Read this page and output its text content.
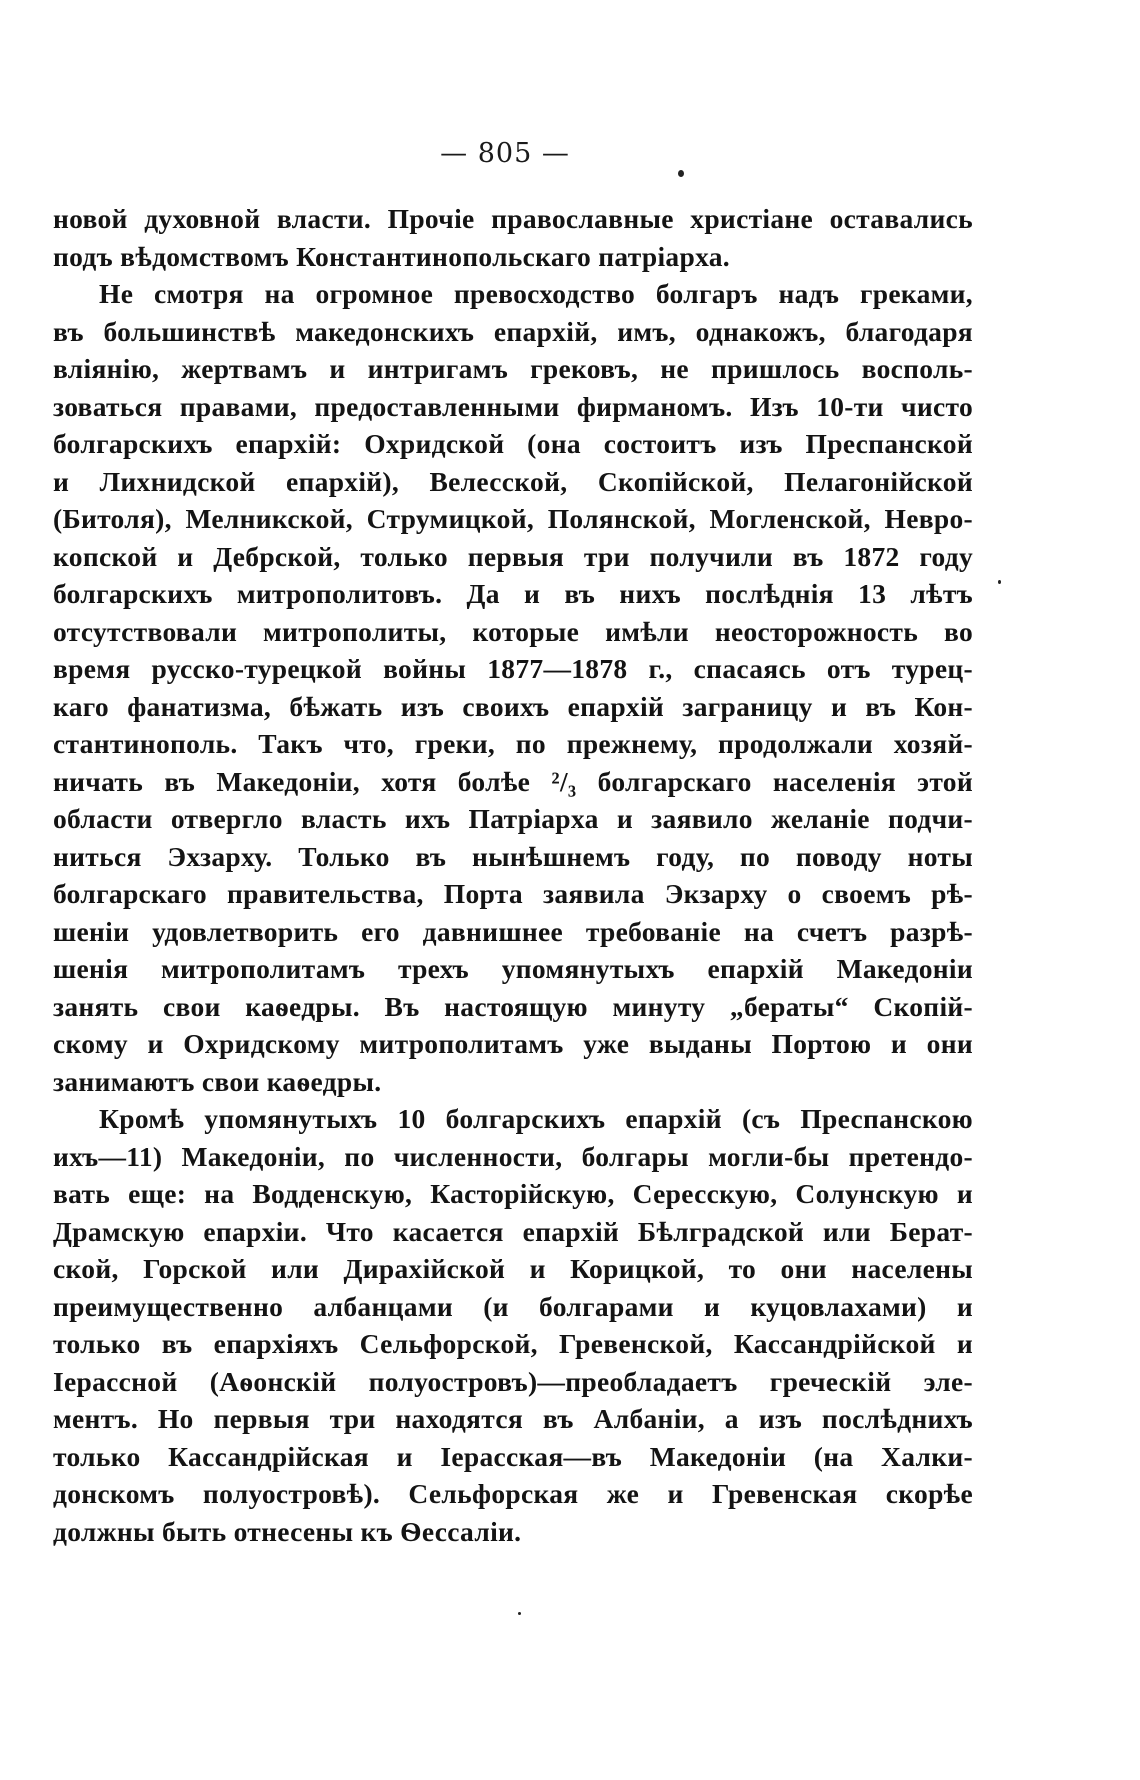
— 805 —

новой духовной власти. Прочіе православные христіане оставались
подъ вѣдомствомъ Константинопольскаго патріарха.

Не смотря на огромное превосходство болгаръ надъ греками,
въ большинствѣ македонскихъ епархій, имъ, однакожъ, благодаря
вліянію, жертвамъ и интригамъ грековъ, не пришлось восполь-
зоваться правами, предоставленными фирманомъ. Изъ 10-ти чисто
болгарскихъ епархій: Охридской (она состоитъ изъ Преспанской
и Лихнидской епархій), Велесской, Скопійской, Пелагонійской
(Битоля), Мелникской, Струмицкой, Полянской, Могленской, Невро-
копской и Дебрской, только первыя три получили въ 1872 году
болгарскихъ митрополитовъ. Да и въ нихъ послѣднія 13 лѣтъ
отсутствовали митрополиты, которые имѣли неосторожность во
время русско-турецкой войны 1877—1878 г., спасаясь отъ турец-
каго фанатизма, бѣжать изъ своихъ епархій заграницу и въ Кон-
стантинополь. Такъ что, греки, по прежнему, продолжали хозяй-
ничать въ Македоніи, хотя болѣе ²/₃ болгарскаго населенія этой
области отвергло власть ихъ Патріарха и заявило желаніе подчи-
ниться Эхзарху. Только въ нынѣшнемъ году, по поводу ноты
болгарскаго правительства, Порта заявила Экзарху о своемъ рѣ-
шеніи удовлетворить его давнишнее требованіе на счетъ разрѣ-
шенія митрополитамъ трехъ упомянутыхъ епархій Македоніи
занять свои каѳедры. Въ настоящую минуту „бераты“ Скопій-
скому и Охридскому митрополитамъ уже выданы Портою и они
занимаютъ свои каѳедры.

Кромѣ упомянутыхъ 10 болгарскихъ епархій (съ Преспанскою
ихъ—11) Македоніи, по численности, болгары могли-бы претендо-
вать еще: на Водденскую, Касторійскую, Сересскую, Солунскую и
Драмскую епархіи. Что касается епархій Бѣлградской или Берат-
ской, Горской или Дирахійской и Корицкой, то они населены
преимущественно албанцами (и болгарами и куцовлахами) и
только въ епархіяхъ Сельфорской, Гревенской, Кассандрійской и
Іерассной (Аѳонскій полуостровъ)—преобладаетъ греческій эле-
ментъ. Но первыя три находятся въ Албаніи, а изъ послѣднихъ
только Кассандрійская и Іерасская—въ Македоніи (на Халки-
донскомъ полуостровѣ). Сельфорская же и Гревенская скорѣе
должны быть отнесены къ Ѳессаліи.
